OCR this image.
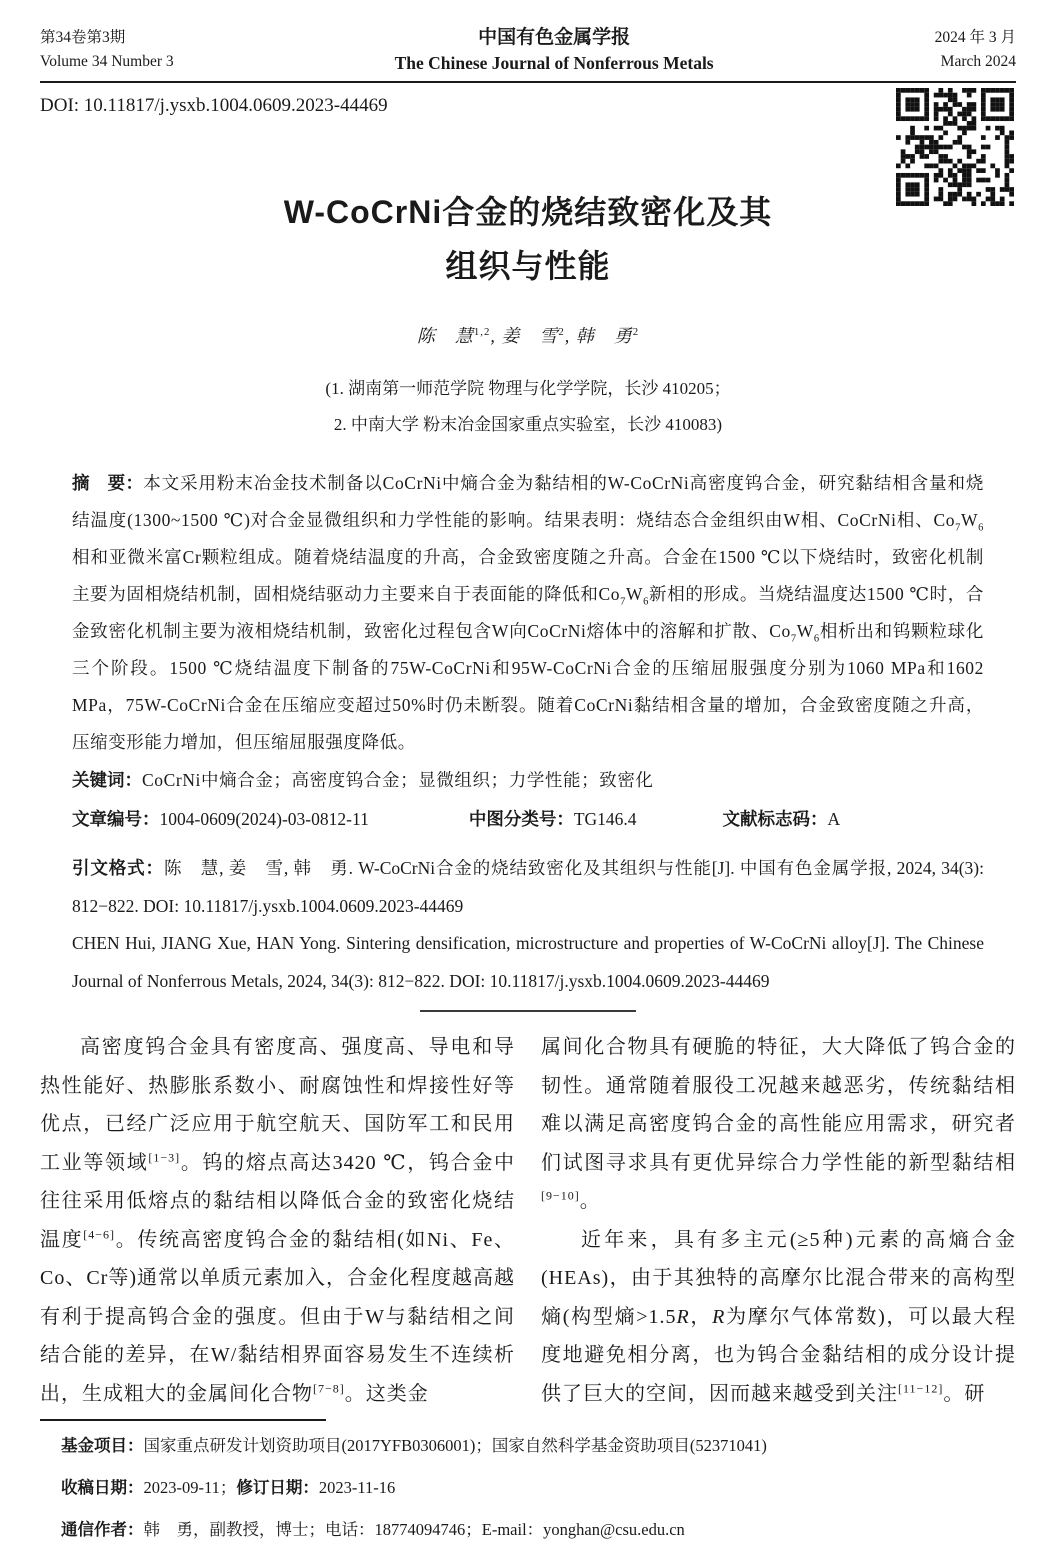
第34卷第3期
Volume 34 Number 3
中国有色金属学报
The Chinese Journal of Nonferrous Metals
2024 年 3 月
March 2024
DOI: 10.11817/j.ysxb.1004.0609.2023-44469
W-CoCrNi合金的烧结致密化及其
组织与性能
陈　慧$^{1,2}$, 姜　雪$^2$, 韩　勇$^2$
(1. 湖南第一师范学院 物理与化学学院，长沙 410205；
2. 中南大学 粉末冶金国家重点实验室，长沙 410083)

摘　要：本文采用粉末冶金技术制备以CoCrNi中熵合金为黏结相的W-CoCrNi高密度钨合金，研究黏结相含量和烧结温度(1300~1500 ℃)对合金显微组织和力学性能的影响。结果表明：烧结态合金组织由W相、CoCrNi相、$Co_7W_6$相和亚微米富Cr颗粒组成。随着烧结温度的升高，合金致密度随之升高。合金在1500 ℃以下烧结时，致密化机制主要为固相烧结机制，固相烧结驱动力主要来自于表面能的降低和$Co_7W_6$新相的形成。当烧结温度达1500 ℃时，合金致密化机制主要为液相烧结机制，致密化过程包含W向CoCrNi熔体中的溶解和扩散、$Co_7W_6$相析出和钨颗粒球化三个阶段。1500 ℃烧结温度下制备的75W-CoCrNi和95W-CoCrNi合金的压缩屈服强度分别为1060 MPa和1602 MPa，75W-CoCrNi合金在压缩应变超过50%时仍未断裂。随着CoCrNi黏结相含量的增加，合金致密度随之升高，压缩变形能力增加，但压缩屈服强度降低。

关键词：CoCrNi中熵合金；高密度钨合金；显微组织；力学性能；致密化

文章编号：1004-0609(2024)-03-0812-11	中图分类号：TG146.4	文献标志码：A

引文格式：陈　慧, 姜　雪, 韩　勇. W-CoCrNi合金的烧结致密化及其组织与性能[J]. 中国有色金属学报, 2024, 34(3): 812−822. DOI: 10.11817/j.ysxb.1004.0609.2023-44469

CHEN Hui, JIANG Xue, HAN Yong. Sintering densification, microstructure and properties of W-CoCrNi alloy[J]. The Chinese Journal of Nonferrous Metals, 2024, 34(3): 812−822. DOI: 10.11817/j.ysxb.1004.0609.2023-44469

高密度钨合金具有密度高、强度高、导电和导热性能好、热膨胀系数小、耐腐蚀性和焊接性好等优点，已经广泛应用于航空航天、国防军工和民用工业等领域[1−3]。钨的熔点高达3420 ℃，钨合金中往往采用低熔点的黏结相以降低合金的致密化烧结温度[4−6]。传统高密度钨合金的黏结相(如Ni、Fe、Co、Cr等)通常以单质元素加入，合金化程度越高越有利于提高钨合金的强度。但由于W与黏结相之间结合能的差异，在W/黏结相界面容易发生不连续析出，生成粗大的金属间化合物[7−8]。这类金

属间化合物具有硬脆的特征，大大降低了钨合金的韧性。通常随着服役工况越来越恶劣，传统黏结相难以满足高密度钨合金的高性能应用需求，研究者们试图寻求具有更优异综合力学性能的新型黏结相[9−10]。

近年来，具有多主元(≥5种)元素的高熵合金(HEAs)，由于其独特的高摩尔比混合带来的高构型熵(构型熵>1.5R，R为摩尔气体常数)，可以最大程度地避免相分离，也为钨合金黏结相的成分设计提供了巨大的空间，因而越来越受到关注[11−12]。研

基金项目：国家重点研发计划资助项目(2017YFB0306001)；国家自然科学基金资助项目(52371041)
收稿日期：2023-09-11；修订日期：2023-11-16
通信作者：韩　勇，副教授，博士；电话：18774094746；E-mail：yonghan@csu.edu.cn
